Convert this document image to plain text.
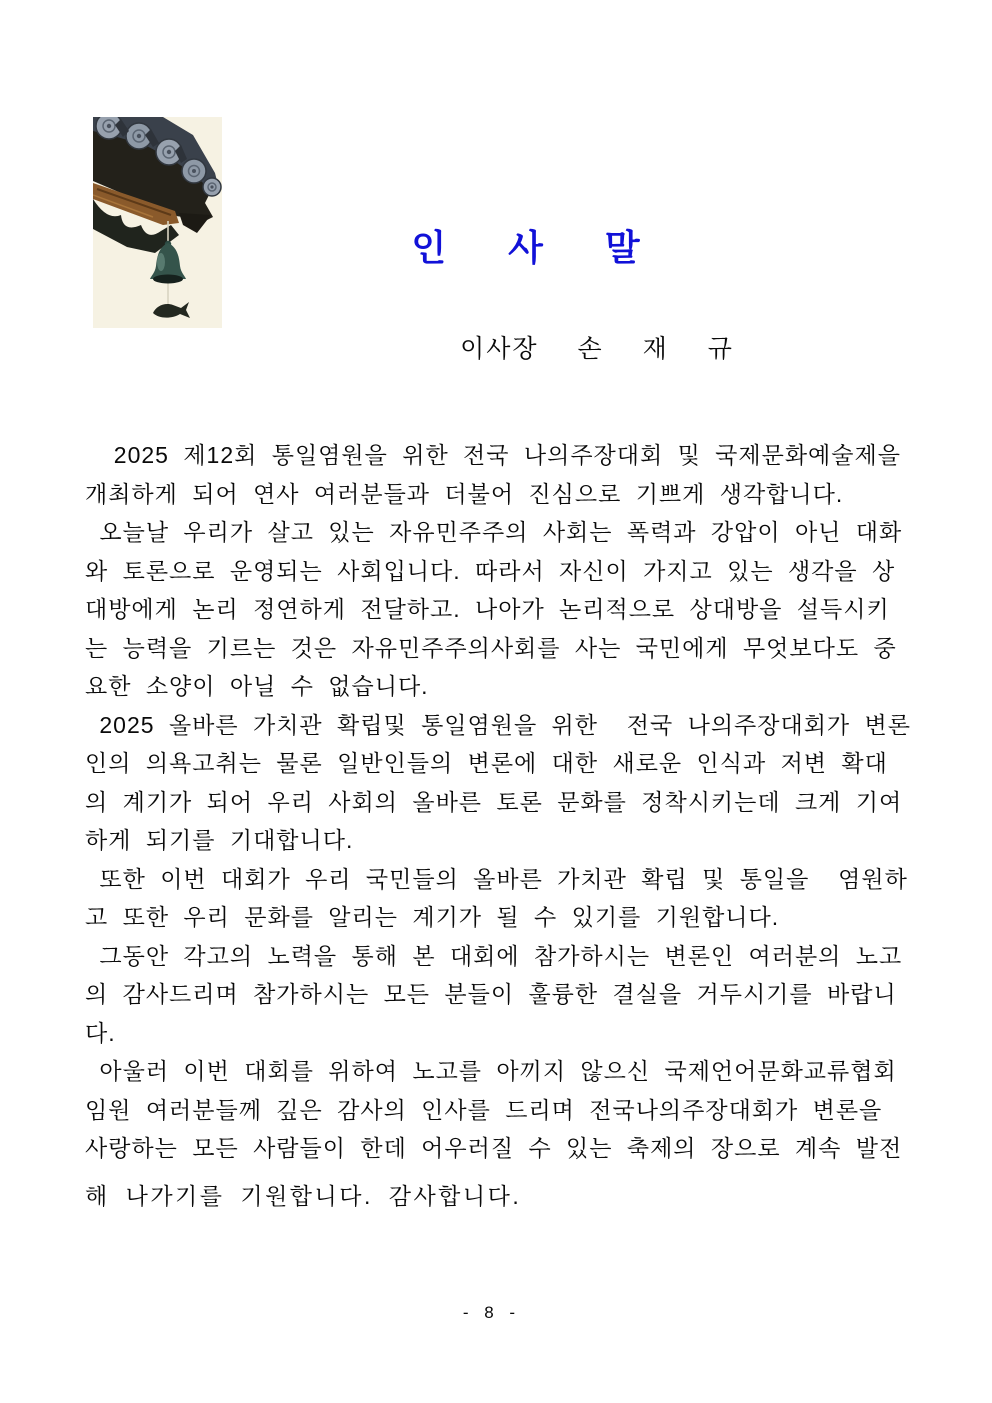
인 사 말
이사장 손 재 규
2025 제12회 통일염원을 위한 전국 나의주장대회 및 국제문화예술제을
개최하게 되어 연사 여러분들과 더불어 진심으로 기쁘게 생각합니다.
오늘날 우리가 살고 있는 자유민주주의 사회는 폭력과 강압이 아닌 대화
와 토론으로 운영되는 사회입니다. 따라서 자신이 가지고 있는 생각을 상
대방에게 논리 정연하게 전달하고. 나아가 논리적으로 상대방을 설득시키
는 능력을 기르는 것은 자유민주주의사회를 사는 국민에게 무엇보다도 중
요한 소양이 아닐 수 없습니다.
2025 올바른 가치관 확립및 통일염원을 위한  전국 나의주장대회가 변론
인의 의욕고취는 물론 일반인들의 변론에 대한 새로운 인식과 저변 확대
의 계기가 되어 우리 사회의 올바른 토론 문화를 정착시키는데 크게 기여
하게 되기를 기대합니다.
또한 이번 대회가 우리 국민들의 올바른 가치관 확립 및 통일을  염원하
고 또한 우리 문화를 알리는 계기가 될 수 있기를 기원합니다.
그동안 각고의 노력을 통해 본 대회에 참가하시는 변론인 여러분의 노고
의 감사드리며 참가하시는 모든 분들이 훌륭한 결실을 거두시기를 바랍니
다.
아울러 이번 대회를 위하여 노고를 아끼지 않으신 국제언어문화교류협회
임원 여러분들께 깊은 감사의 인사를 드리며 전국나의주장대회가 변론을
사랑하는 모든 사람들이 한데 어우러질 수 있는 축제의 장으로 계속 발전
해 나가기를 기원합니다. 감사합니다.
- 8 -
